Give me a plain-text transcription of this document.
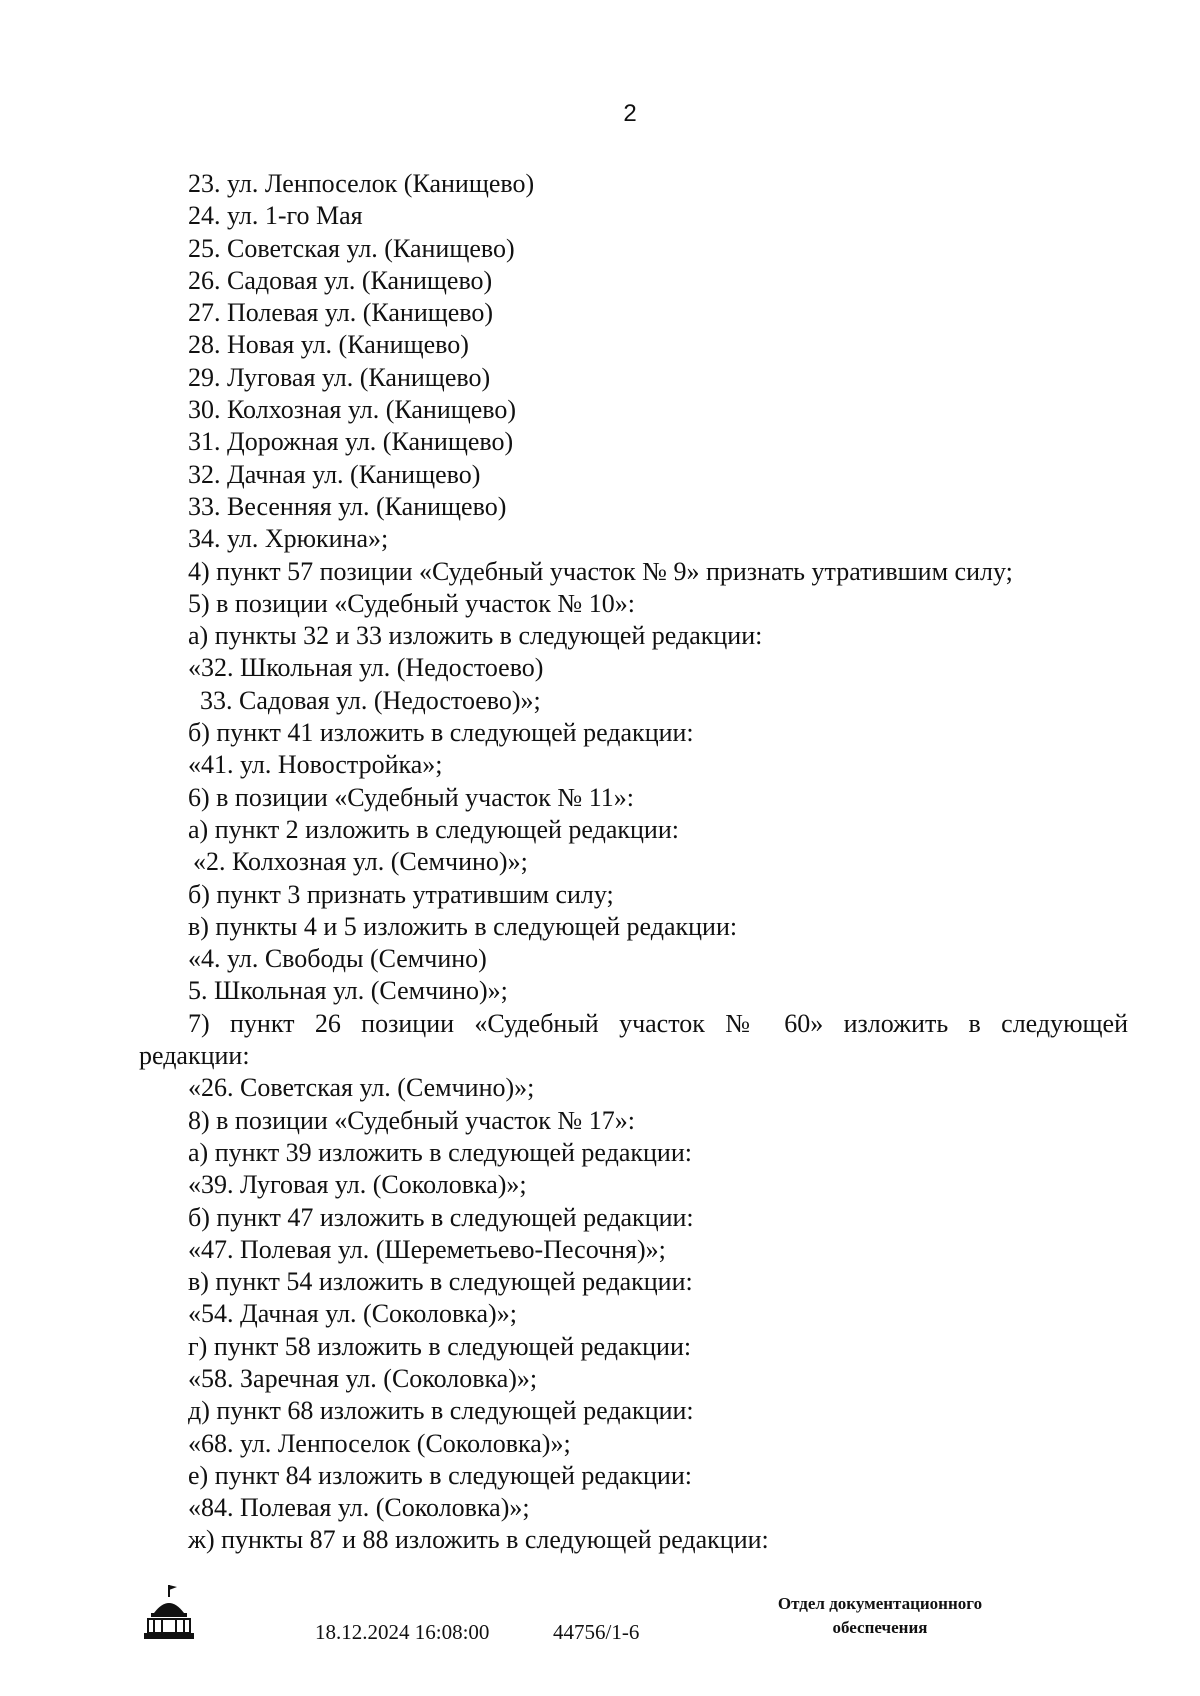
2
23. ул. Ленпоселок (Канищево)
24. ул. 1-го Мая
25. Советская ул. (Канищево)
26. Садовая ул. (Канищево)
27. Полевая ул. (Канищево)
28. Новая ул. (Канищево)
29. Луговая ул. (Канищево)
30. Колхозная ул. (Канищево)
31. Дорожная ул. (Канищево)
32. Дачная ул. (Канищево)
33. Весенняя ул. (Канищево)
34. ул. Хрюкина»;
4) пункт 57 позиции «Судебный участок № 9» признать утратившим силу;
5) в позиции «Судебный участок № 10»:
а) пункты 32 и 33 изложить в следующей редакции:
«32. Школьная ул. (Недостоево)
33. Садовая ул. (Недостоево)»;
б) пункт 41 изложить в следующей редакции:
«41. ул. Новостройка»;
6) в позиции «Судебный участок № 11»:
а) пункт 2 изложить в следующей редакции:
«2. Колхозная ул. (Семчино)»;
б) пункт 3 признать утратившим силу;
в) пункты 4 и 5 изложить в следующей редакции:
«4. ул. Свободы (Семчино)
5. Школьная ул. (Семчино)»;
7) пункт 26 позиции «Судебный участок № 60» изложить в следующей
редакции:
«26. Советская ул. (Семчино)»;
8) в позиции «Судебный участок № 17»:
а) пункт 39 изложить в следующей редакции:
«39. Луговая ул. (Соколовка)»;
б) пункт 47 изложить в следующей редакции:
«47. Полевая ул. (Шереметьево-Песочня)»;
в) пункт 54 изложить в следующей редакции:
«54. Дачная ул. (Соколовка)»;
г) пункт 58 изложить в следующей редакции:
«58. Заречная ул. (Соколовка)»;
д) пункт 68 изложить в следующей редакции:
«68. ул. Ленпоселок (Соколовка)»;
е) пункт 84 изложить в следующей редакции:
«84. Полевая ул. (Соколовка)»;
ж) пункты 87 и 88 изложить в следующей редакции:
18.12.2024 16:08:00	44756/1-6
Отдел документационного
обеспечения
